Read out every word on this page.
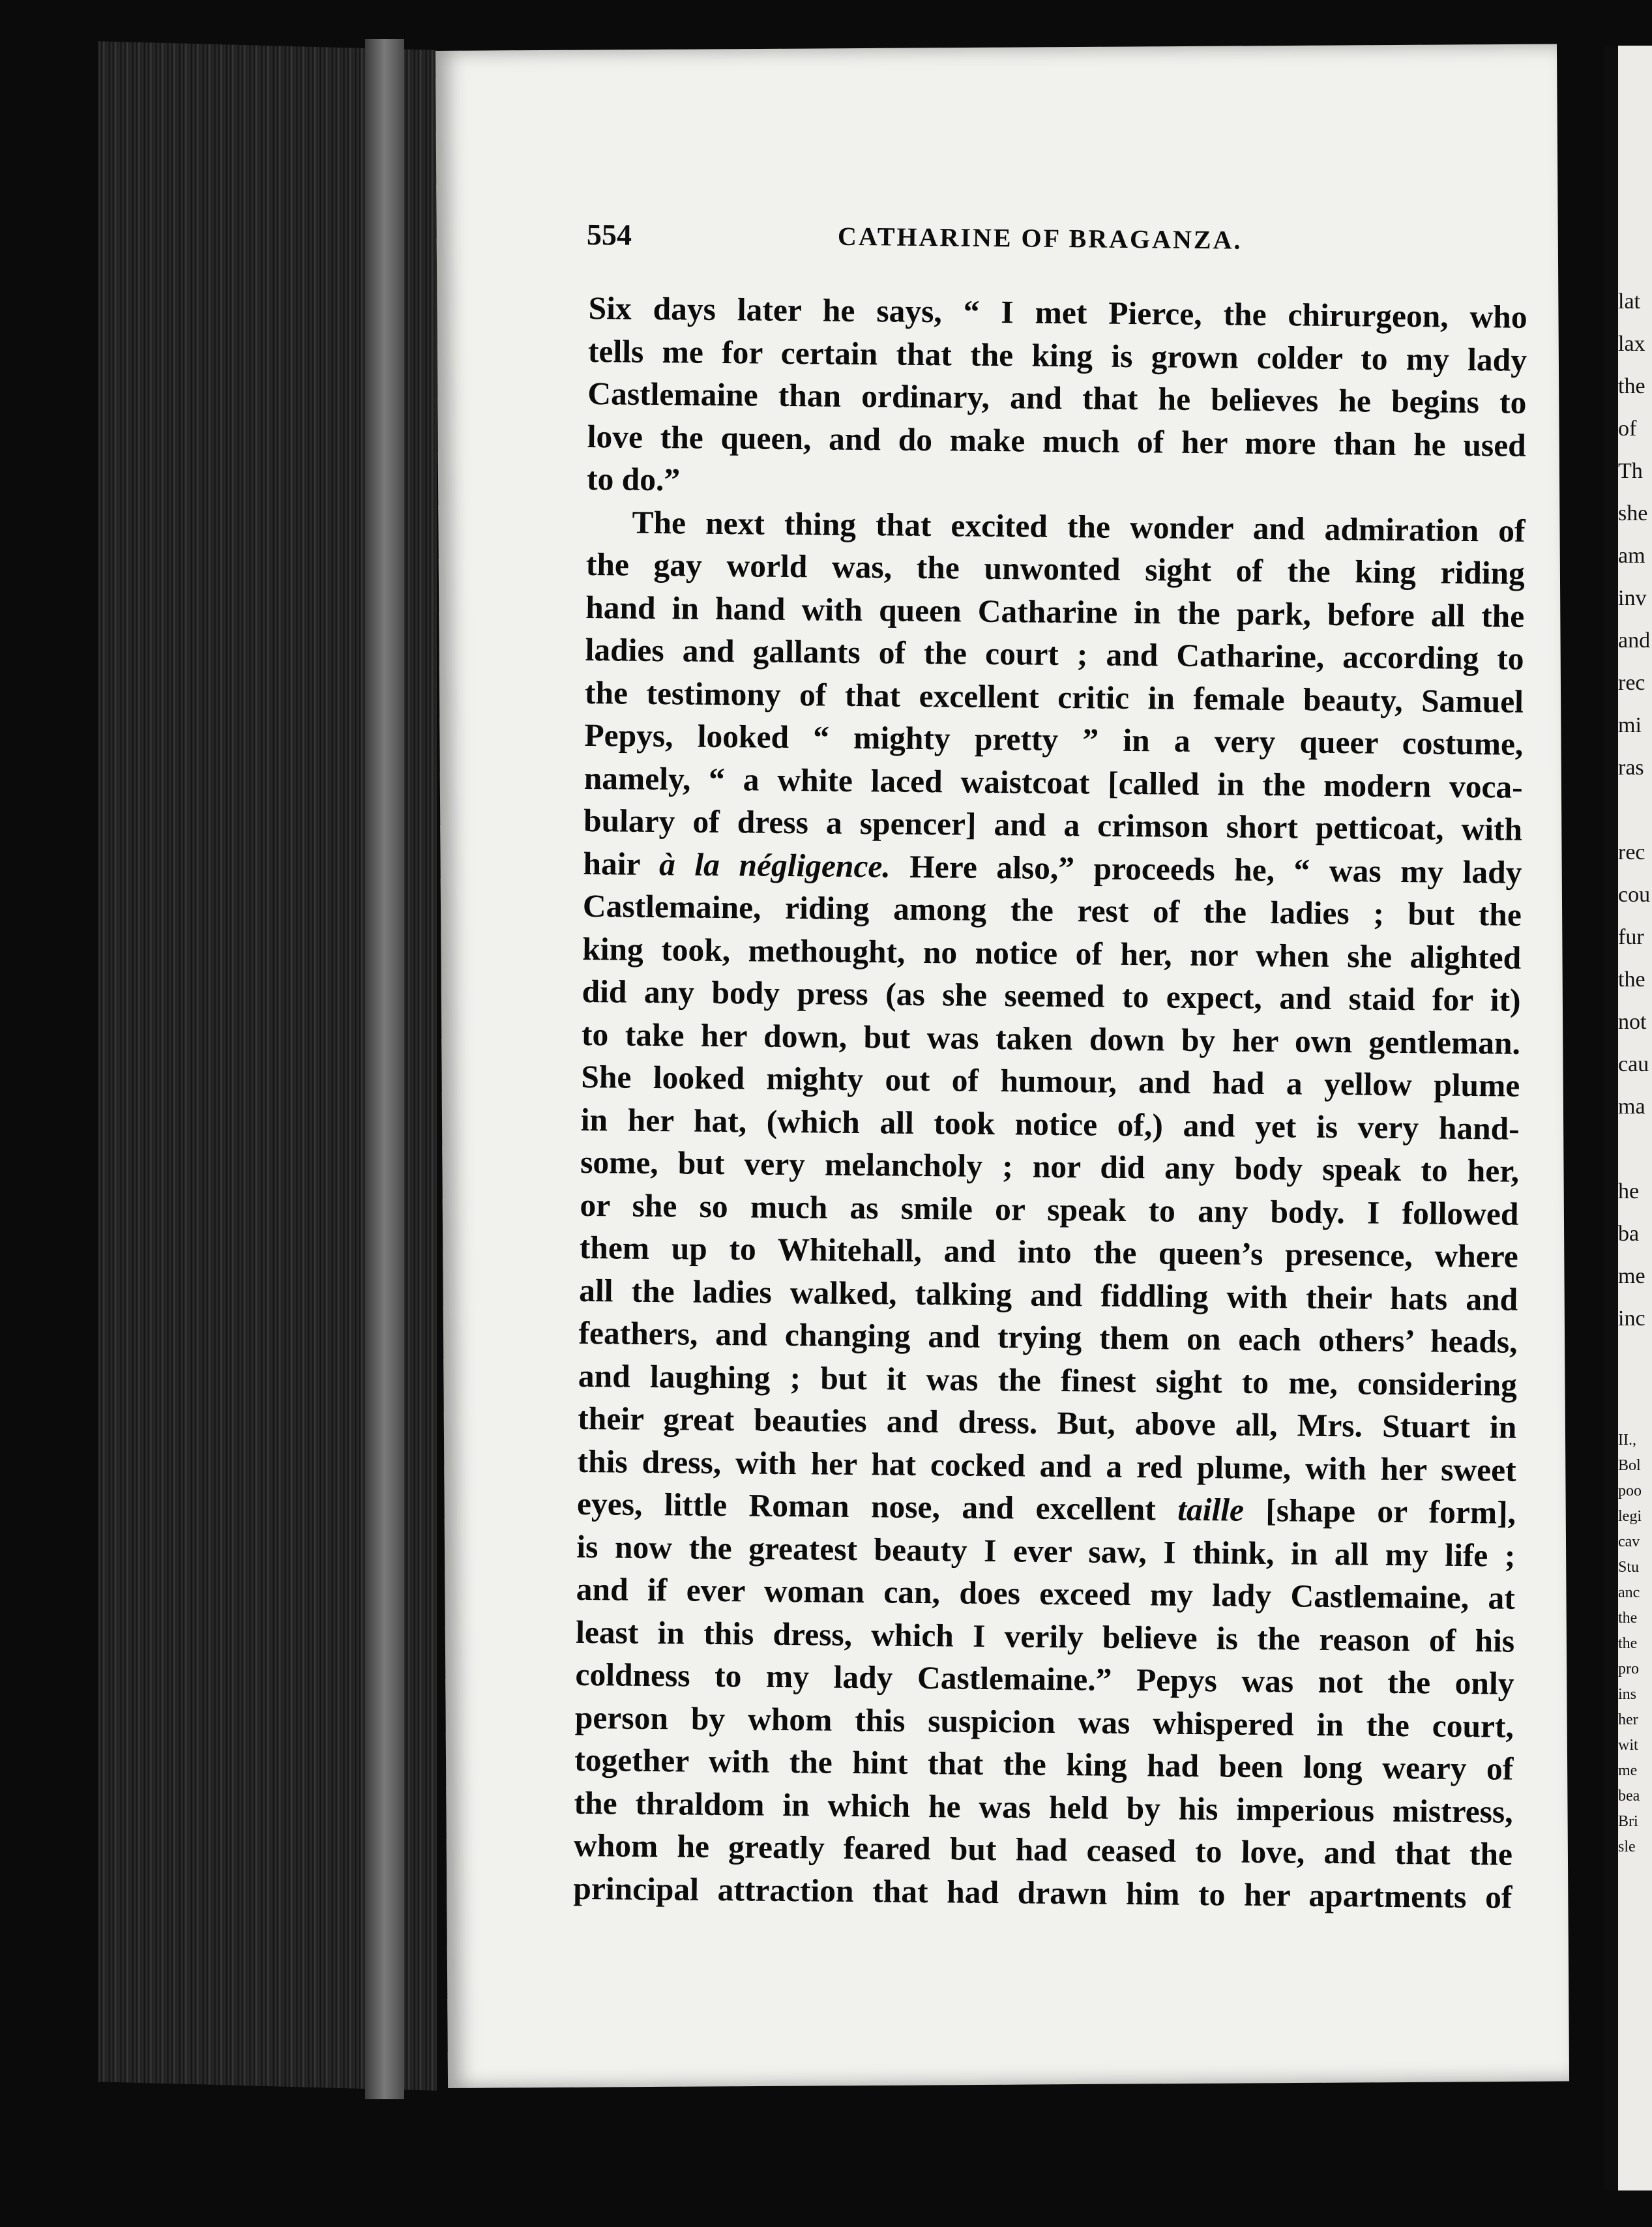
lat
lax
the
of
Th
she
am
inv
and
rec
mi
ras
rec
cou
fur
the
not
cau
ma
he
ba
me
inc
II.,
Bol
poo
legi
cav
Stu
anc
the
the
pro
ins
her
wit
me
bea
Bri
sle
554	CATHARINE OF BRAGANZA.
Six days later he says, “ I met Pierce, the chirurgeon, who
tells me for certain that the king is grown colder to my lady
Castlemaine than ordinary, and that he believes he begins to
love the queen, and do make much of her more than he used
to do.”
The next thing that excited the wonder and admiration of
the gay world was, the unwonted sight of the king riding
hand in hand with queen Catharine in the park, before all the
ladies and gallants of the court ; and Catharine, according to
the testimony of that excellent critic in female beauty, Samuel
Pepys, looked “ mighty pretty ” in a very queer costume,
namely, “ a white laced waistcoat [called in the modern voca-
bulary of dress a spencer] and a crimson short petticoat, with
hair à la négligence. Here also,” proceeds he, “ was my lady
Castlemaine, riding among the rest of the ladies ; but the
king took, methought, no notice of her, nor when she alighted
did any body press (as she seemed to expect, and staid for it)
to take her down, but was taken down by her own gentleman.
She looked mighty out of humour, and had a yellow plume
in her hat, (which all took notice of,) and yet is very hand-
some, but very melancholy ; nor did any body speak to her,
or she so much as smile or speak to any body. I followed
them up to Whitehall, and into the queen’s presence, where
all the ladies walked, talking and fiddling with their hats and
feathers, and changing and trying them on each others’ heads,
and laughing ; but it was the finest sight to me, considering
their great beauties and dress. But, above all, Mrs. Stuart in
this dress, with her hat cocked and a red plume, with her sweet
eyes, little Roman nose, and excellent taille [shape or form],
is now the greatest beauty I ever saw, I think, in all my life ;
and if ever woman can, does exceed my lady Castlemaine, at
least in this dress, which I verily believe is the reason of his
coldness to my lady Castlemaine.” Pepys was not the only
person by whom this suspicion was whispered in the court,
together with the hint that the king had been long weary of
the thraldom in which he was held by his imperious mistress,
whom he greatly feared but had ceased to love, and that the
principal attraction that had drawn him to her apartments of
